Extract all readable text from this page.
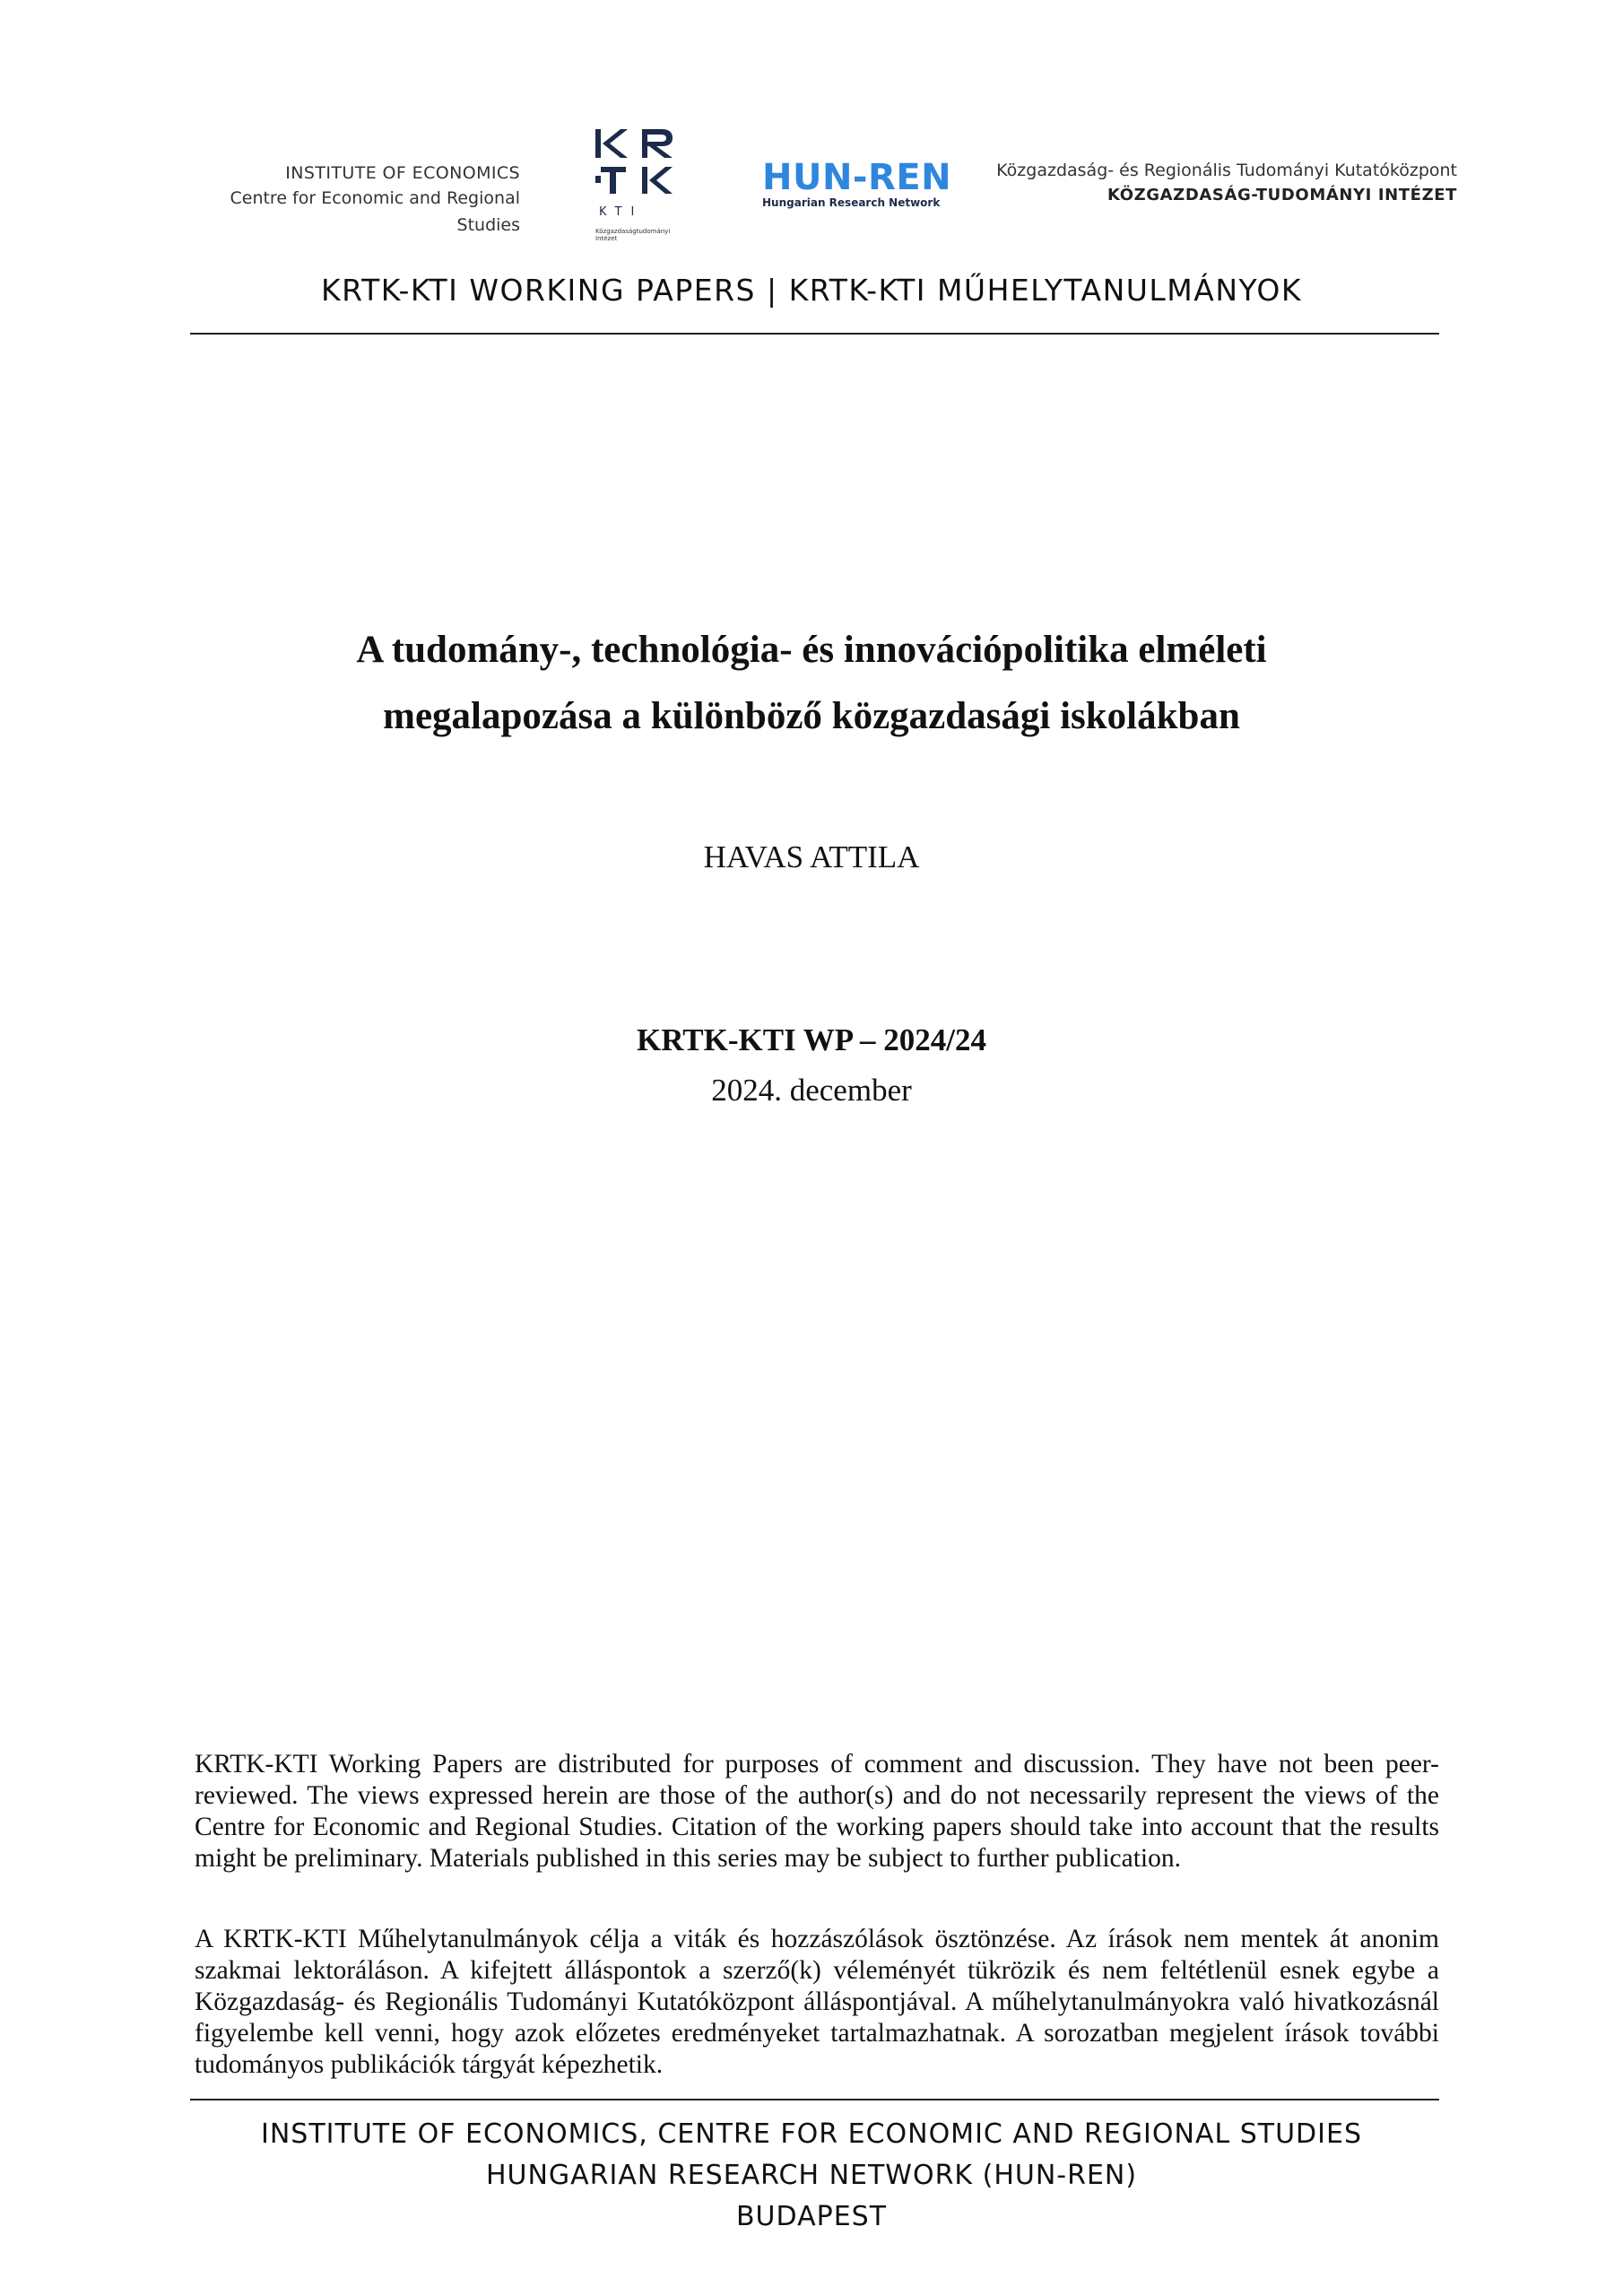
INSTITUTE OF ECONOMICS
Centre for Economic and Regional Studies
KTI
Közgazdaságtudományi Intézet
HUN-REN
Hungarian Research Network
Közgazdaság- és Regionális Tudományi Kutatóközpont
KÖZGAZDASÁG-TUDOMÁNYI INTÉZET
KRTK-KTI WORKING PAPERS | KRTK-KTI MŰHELYTANULMÁNYOK
A tudomány-, technológia- és innovációpolitika elméleti
megalapozása a különböző közgazdasági iskolákban
HAVAS ATTILA
KRTK-KTI WP – 2024/24
2024. december
KRTK-KTI Working Papers are distributed for purposes of comment and discussion. They have not been peer-reviewed. The views expressed herein are those of the author(s) and do not necessarily represent the views of the Centre for Economic and Regional Studies. Citation of the working papers should take into account that the results might be preliminary. Materials published in this series may be subject to further publication.
A KRTK-KTI Műhelytanulmányok célja a viták és hozzászólások ösztönzése. Az írások nem mentek át anonim szakmai lektoráláson. A kifejtett álláspontok a szerző(k) véleményét tükrözik és nem feltétlenül esnek egybe a Közgazdaság- és Regionális Tudományi Kutatóközpont álláspontjával. A műhelytanulmányokra való hivatkozásnál figyelembe kell venni, hogy azok előzetes eredményeket tartalmazhatnak. A sorozatban megjelent írások további tudományos publikációk tárgyát képezhetik.
INSTITUTE OF ECONOMICS, CENTRE FOR ECONOMIC AND REGIONAL STUDIES
HUNGARIAN RESEARCH NETWORK (HUN-REN)
BUDAPEST
